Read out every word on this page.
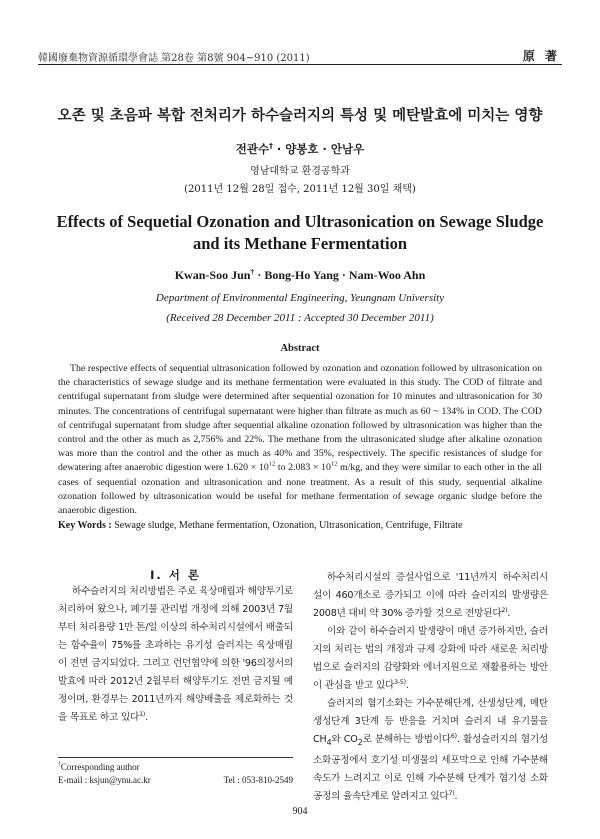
韓國廢棄物資源循環學會誌 第28卷 第8號 904~910 (2011)	原 著
오존 및 초음파 복합 전처리가 하수슬러지의 특성 및 메탄발효에 미치는 영향
전관수† · 양봉호 · 안남우
영남대학교 환경공학과
(2011년 12월 28일 접수, 2011년 12월 30일 채택)
Effects of Sequetial Ozonation and Ultrasonication on Sewage Sludge
and its Methane Fermentation
Kwan-Soo Jun† · Bong-Ho Yang · Nam-Woo Ahn
Department of Environmental Engineering, Yeungnam University
(Received 28 December 2011 : Accepted 30 December 2011)
Abstract

The respective effects of sequential ultrasonication followed by ozonation and ozonation followed by ultrasonication on the characteristics of sewage sludge and its methane fermentation were evaluated in this study. The COD of filtrate and centrifugal supernatant from sludge were determined after sequential ozonation for 10 minutes and ultrasonication for 30 minutes. The concentrations of centrifugal supernatant were higher than filtrate as much as 60 ~ 134% in COD. The COD of centrifugal supernatant from sludge after sequential alkaline ozonation followed by ultrasonication was higher than the control and the other as much as 2,756% and 22%. The methane from the ultrasonicated sludge after alkaline ozonation was more than the control and the other as much as 40% and 35%, respectively. The specific resistances of sludge for dewatering after anaerobic digestion were $1.620 \times 10^{12}$ to $2.083 \times 10^{12}$ m/kg, and they were similar to each other in the all cases of sequential ozonation and ultrasonication and none treatment. As a result of this study, sequential alkaline ozonation followed by ultrasonication would be useful for methane fermentation of sewage organic sludge before the anaerobic digestion.

Key Words : Sewage sludge, Methane fermentation, Ozonation, Ultrasonication, Centrifuge, Filtrate
I. 서 론

하수슬러지의 처리방법은 주로 육상매립과 해양투기로 처리하여 왔으나, 폐기물 관리법 개정에 의해 2003년 7월부터 처리용량 1만 톤/일 이상의 하수처리시설에서 배출되는 함수율이 75%를 초과하는 유기성 슬러지는 육상매립이 전면 금지되었다. 그리고 런던협약에 의한 '96의정서의 발효에 따라 2012년 2월부터 해양투기도 전면 금지될 예정이며, 환경부는 2011년까지 해양배출을 제로화하는 것을 목표로 하고 있다$^{1)}$.

하수처리시설의 증설사업으로 '11년까지 하수처리시설이 460개소로 증가되고 이에 따라 슬러지의 발생량은 2008년 대비 약 30% 증가할 것으로 전망된다$^{2)}$.

이와 같이 하수슬러지 발생량이 매년 증가하지만, 슬러지의 처리는 법의 개정과 규제 강화에 따라 새로운 처리방법으로 슬러지의 감량화와 에너지원으로 재활용하는 방안이 관심을 받고 있다$^{3-5)}$.

슬러지의 혐기소화는 가수분해단계, 산생성단계, 메탄생성단계 3단계 등 반응을 거치며 슬러지 내 유기물을 $CH_4$와 $CO_2$로 분해하는 방법이다$^{6)}$. 활성슬러지의 혐기성 소화공정에서 호기성 미생물의 세포막으로 인해 가수분해 속도가 느려지고 이로 인해 가수분해 단계가 혐기성 소화공정의 율속단계로 알려지고 있다$^{7)}$.

†Corresponding author
E-mail : ksjun@ynu.ac.kr	Tel : 053-810-2549
904
